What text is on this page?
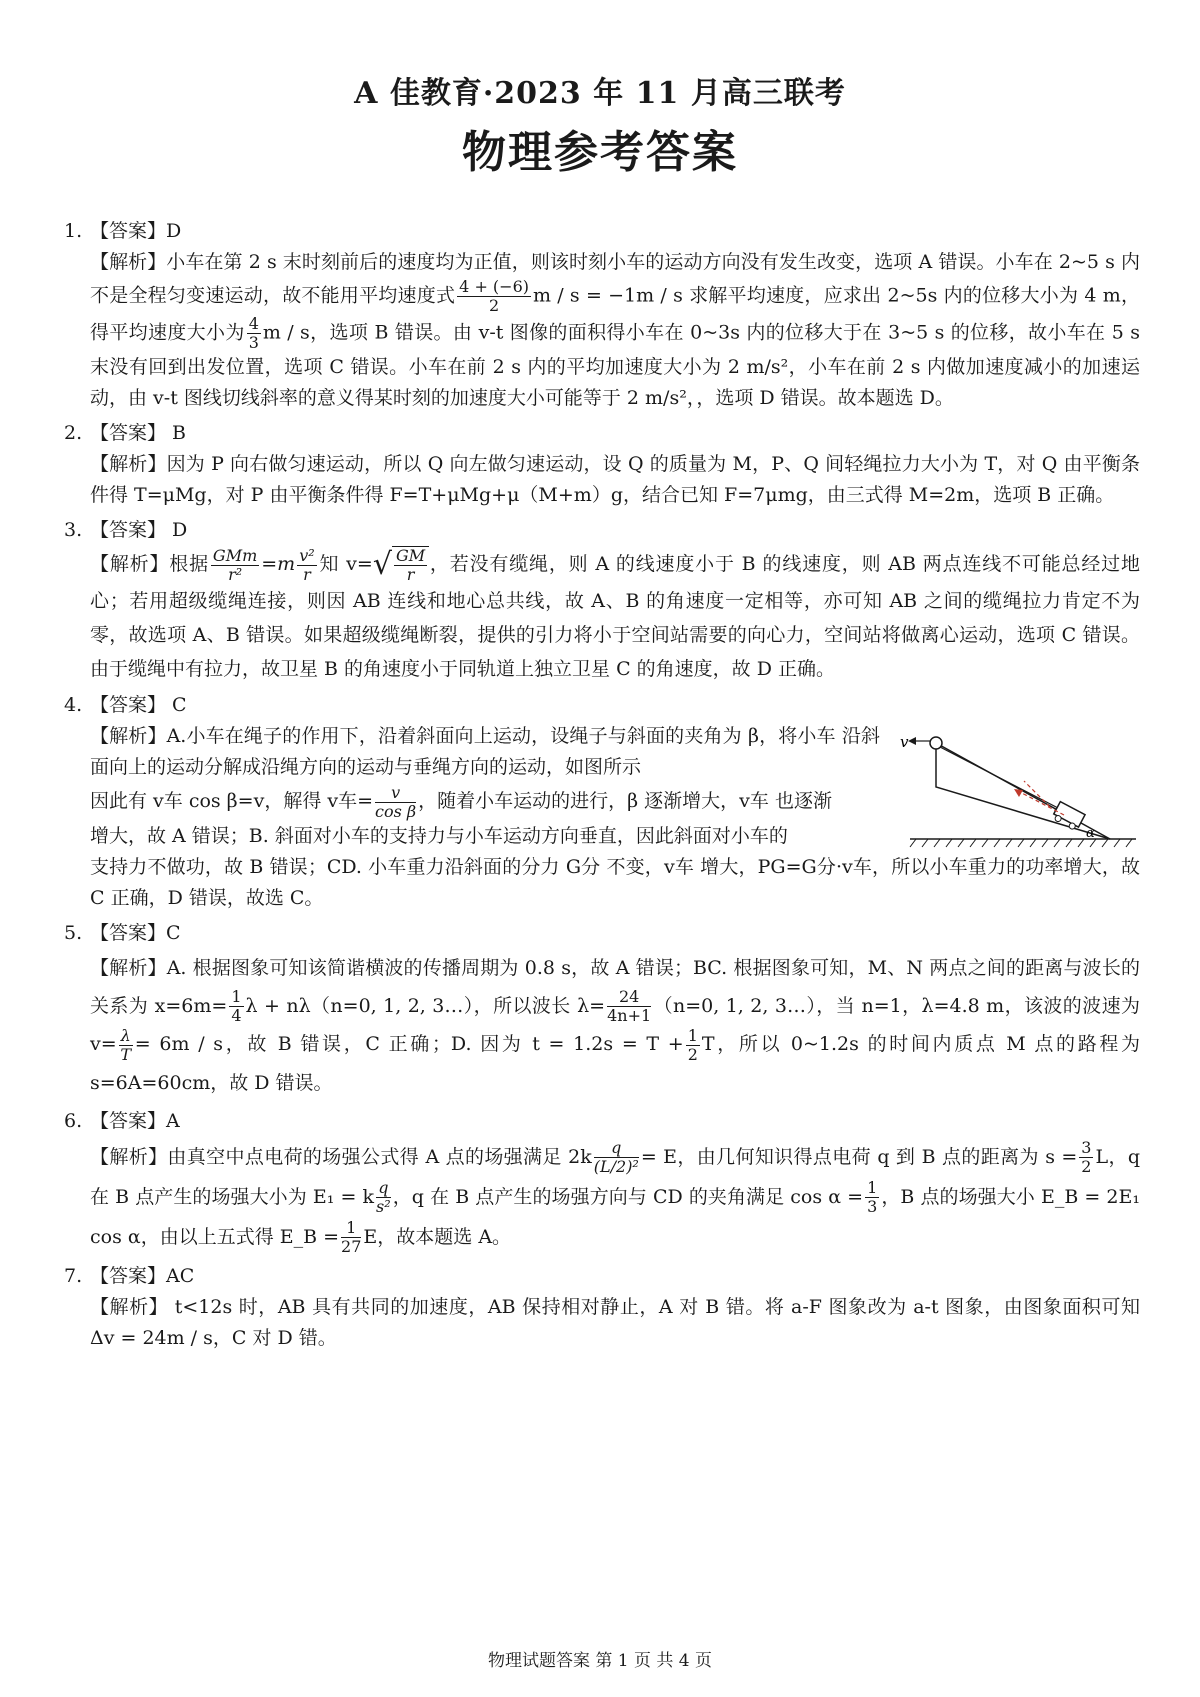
A 佳教育·2023 年 11 月高三联考
物理参考答案
1. 【答案】D
【解析】小车在第 2 s 末时刻前后的速度均为正值，则该时刻小车的运动方向没有发生改变，选项 A 错误。小车在 2~5 s 内不是全程匀变速运动，故不能用平均速度式 $\frac{4 + (-6)}{2}$ m / s = −1m / s 求解平均速度，应求出 2~5s 内的位移大小为 4 m，得平均速度大小为 $\frac{4}{3}$ m / s，选项 B 错误。由 v-t 图像的面积得小车在 0~3s 内的位移大于在 3~5 s 的位移，故小车在 5 s 末没有回到出发位置，选项 C 错误。小车在前 2 s 内的平均加速度大小为 2 m/s²，小车在前 2 s 内做加速度减小的加速运动，由 v-t 图线切线斜率的意义得某时刻的加速度大小可能等于 2 m/s²，，选项 D 错误。故本题选 D。
2. 【答案】 B
【解析】因为 P 向右做匀速运动，所以 Q 向左做匀速运动，设 Q 的质量为 M，P、Q 间轻绳拉力大小为 T，对 Q 由平衡条件得 T=μMg，对 P 由平衡条件得 F=T+μMg+μ（M+m）g，结合已知 F=7μmg，由三式得 M=2m，选项 B 正确。
3. 【答案】 D
【解析】根据 $\frac{\text{GMm}}{\text{r²}} =m \frac{\text{v²}}{r}$ 知 v= √ $\frac{GM}{r}$ ，若没有缆绳，则 A 的线速度小于 B 的线速度，则 AB 两点连线不可能总经过地心；若用超级缆绳连接，则因 AB 连线和地心总共线，故 A、B 的角速度一定相等，亦可知 AB 之间的缆绳拉力肯定不为零，故选项 A、B 错误。如果超级缆绳断裂，提供的引力将小于空间站需要的向心力，空间站将做离心运动，选项 C 错误。由于缆绳中有拉力，故卫星 B 的角速度小于同轨道上独立卫星 C 的角速度，故 D 正确。
4. 【答案】 C
【解析】A.小车在绳子的作用下，沿着斜面向上运动，设绳子与斜面的夹角为 β，将小车 沿斜面向上的运动分解成沿绳方向的运动与垂绳方向的运动，如图所示
因此有 v车 cos β=v，解得 v车= $\frac{v}{\text{cos β}}$ ，随着小车运动的进行，β 逐渐增大，v车 也逐渐
增大，故 A 错误；B. 斜面对小车的支持力与小车运动方向垂直，因此斜面对小车的
支持力不做功，故 B 错误；CD. 小车重力沿斜面的分力 G分 不变，v车 增大，PG=G分·v车，所以小车重力的功率增大，故 C 正确，D 错误，故选 C。
v
α
5. 【答案】C
【解析】A. 根据图象可知该简谐横波的传播周期为 0.8 s，故 A 错误；BC. 根据图象可知，M、N 两点之间的距离与波长的关系为 $x=6m= \frac{1}{4}$ λ + nλ（n=0, 1, 2, 3…），所以波长 $\lambda= \frac{24}{4n+1} (n=0$, 1, 2, 3…），当 n=1，λ=4.8 m，该波的波速为 $v= \frac{\lambda}{T} = 6m / s$，故 B 错误，C 正确；D. 因为 $t = 1.2s = T + \frac{1}{2}$ T，所以 0~1.2s 的时间内质点 M 点的路程为 s=6A=60cm，故 D 错误。
6. 【答案】A
【解析】由真空中点电荷的场强公式得 A 点的场强满足 $2k \frac{q}{\text{(L/2)²}} = E$，由几何知识得点电荷 q 到 B 点的距离为 $s = \frac{3}{2}$ L，q 在 B 点产生的场强大小为 E₁ = k $\frac{q}{\text{s²}}$ ，q 在 B 点产生的场强方向与 CD 的夹角满足 $\cos \alpha = \frac{1}{3}$ ，B 点的场强大小 E_B = 2E₁ cos α，由以上五式得 E_B = $\frac{1}{27}$ E，故本题选 A。
7. 【答案】AC
【解析】 t<12s 时，AB 具有共同的加速度，AB 保持相对静止，A 对 B 错。将 a-F 图象改为 a-t 图象，由图象面积可知 Δv = 24m / s，C 对 D 错。
物理试题答案 第 1 页 共 4 页
